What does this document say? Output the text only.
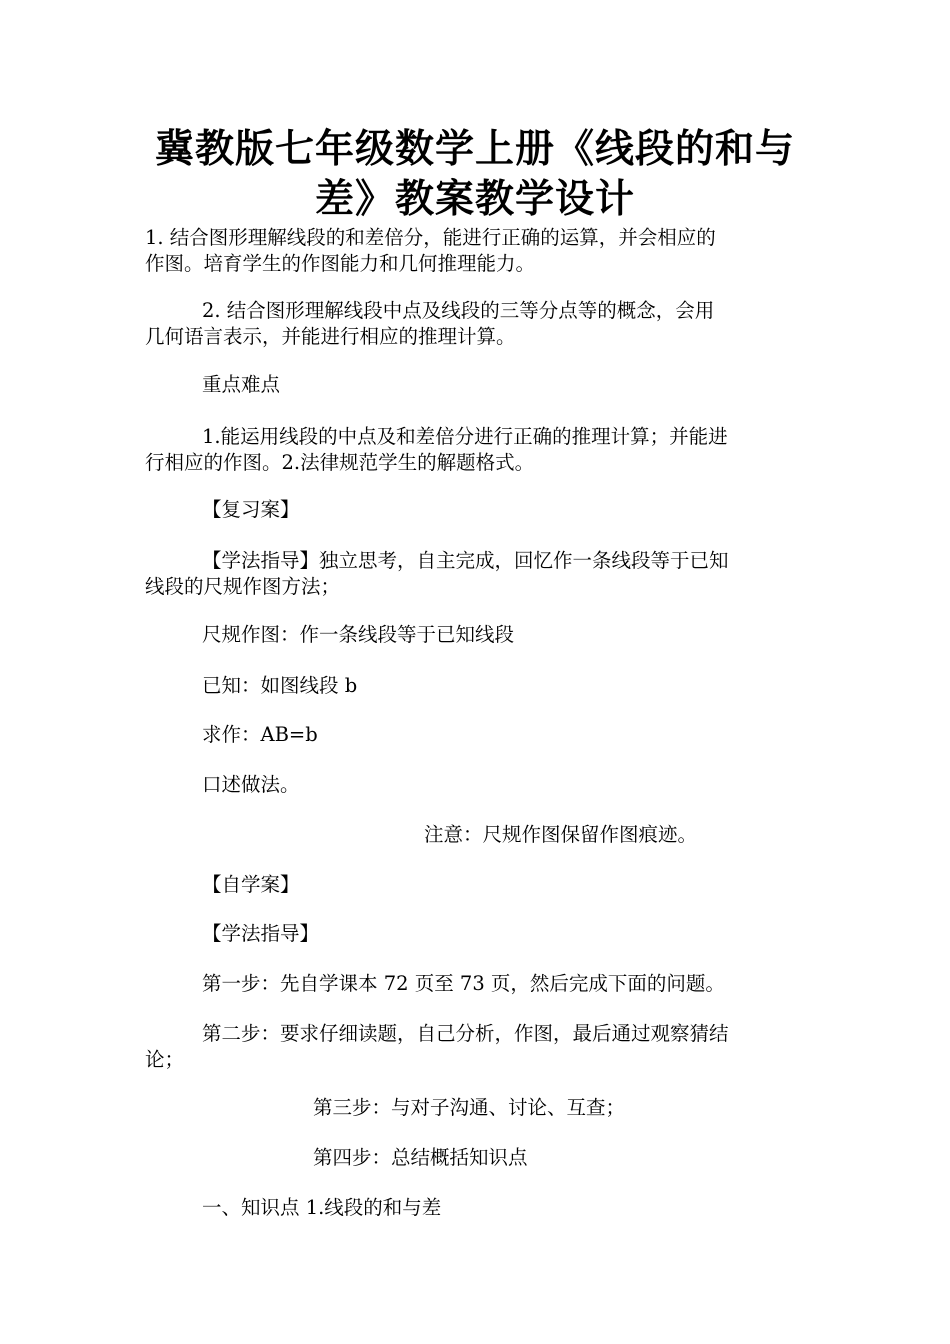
冀教版七年级数学上册《线段的和与
差》教案教学设计

1. 结合图形理解线段的和差倍分，能进行正确的运算，并会相应的
作图。培育学生的作图能力和几何推理能力。

2. 结合图形理解线段中点及线段的三等分点等的概念，会用
几何语言表示，并能进行相应的推理计算。

重点难点

1.能运用线段的中点及和差倍分进行正确的推理计算；并能进
行相应的作图。2.法律规范学生的解题格式。

【复习案】

【学法指导】独立思考，自主完成，回忆作一条线段等于已知
线段的尺规作图方法；

尺规作图：作一条线段等于已知线段

已知：如图线段 b

求作：AB=b

口述做法。

注意：尺规作图保留作图痕迹。

【自学案】

【学法指导】

第一步：先自学课本 72 页至 73 页，然后完成下面的问题。

第二步：要求仔细读题，自己分析，作图，最后通过观察猜结
论；

第三步：与对子沟通、讨论、互查；

第四步：总结概括知识点

一、知识点 1.线段的和与差
